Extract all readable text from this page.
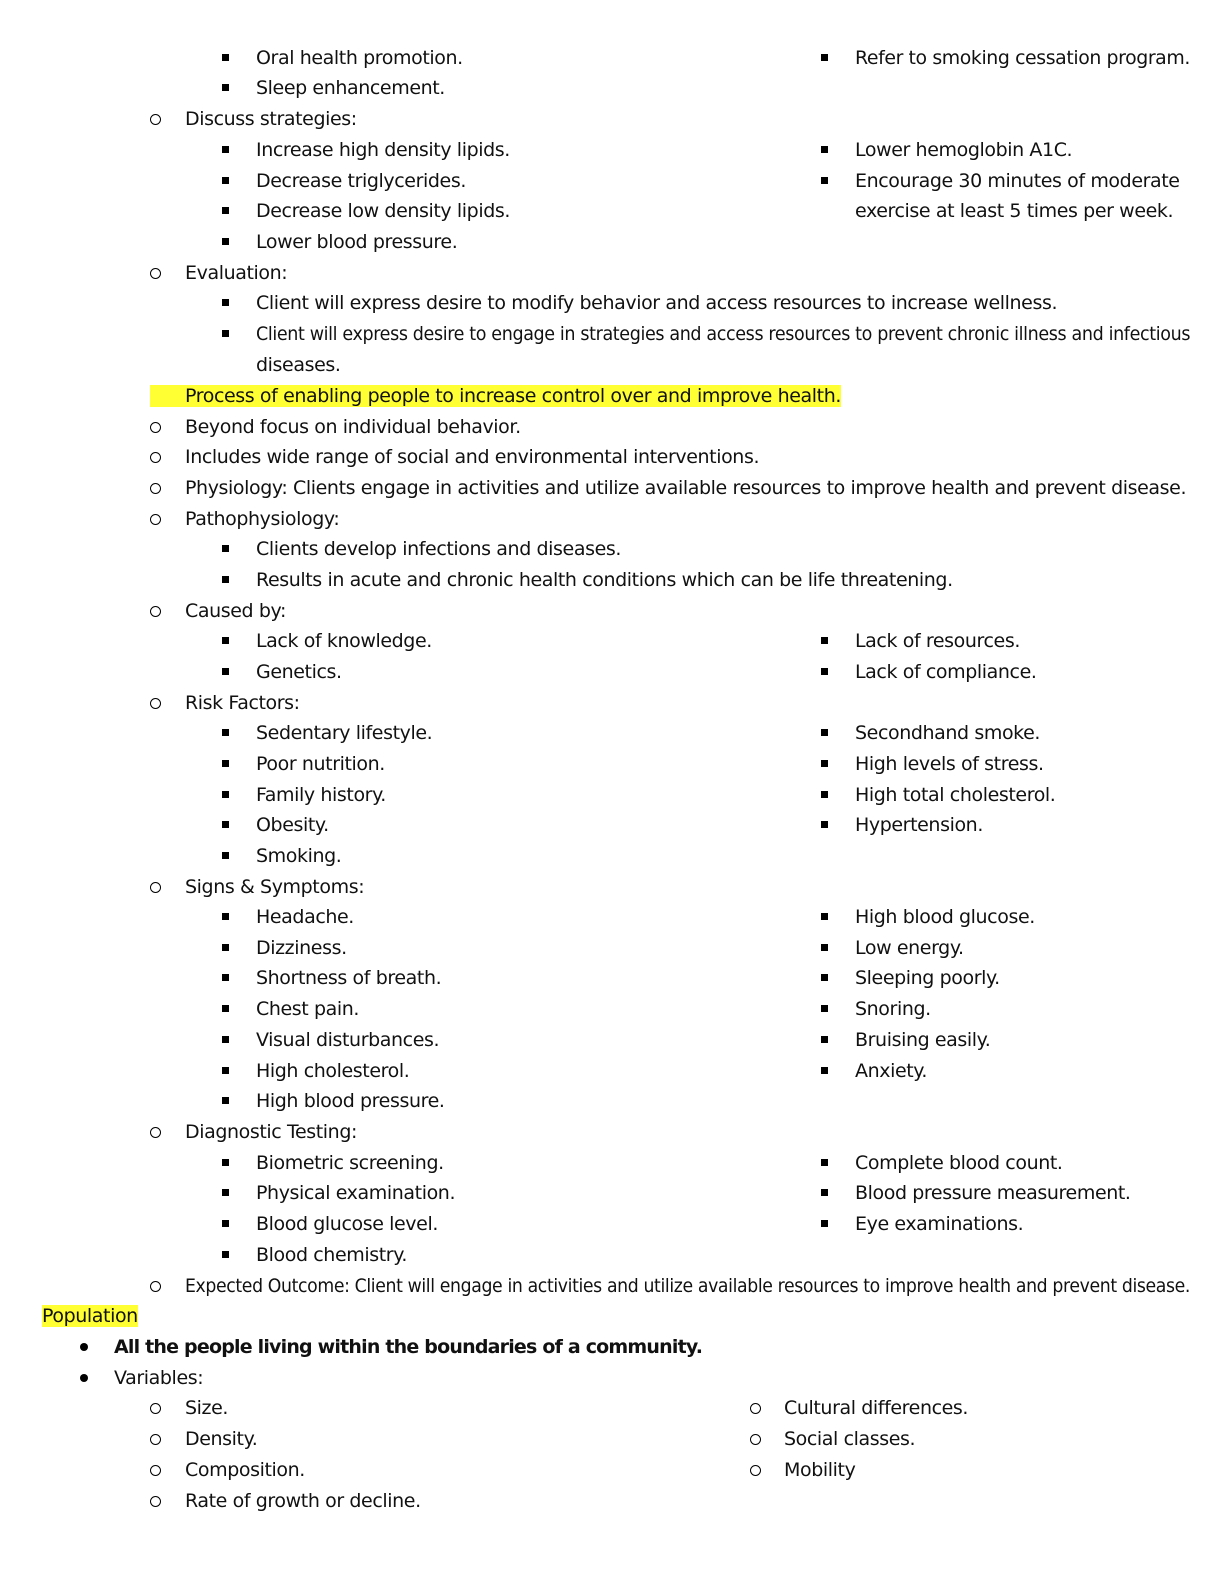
Oral health promotion.	Refer to smoking cessation program.
Sleep enhancement.
Discuss strategies:
Increase high density lipids.	Lower hemoglobin A1C.
Decrease triglycerides.	Encourage 30 minutes of moderate
Decrease low density lipids.	exercise at least 5 times per week.
Lower blood pressure.
Evaluation:
Client will express desire to modify behavior and access resources to increase wellness.
Client will express desire to engage in strategies and access resources to prevent chronic illness and infectious
diseases.
Process of enabling people to increase control over and improve health.
Beyond focus on individual behavior.
Includes wide range of social and environmental interventions.
Physiology: Clients engage in activities and utilize available resources to improve health and prevent disease.
Pathophysiology:
Clients develop infections and diseases.
Results in acute and chronic health conditions which can be life threatening.
Caused by:
Lack of knowledge.	Lack of resources.
Genetics.	Lack of compliance.
Risk Factors:
Sedentary lifestyle.	Secondhand smoke.
Poor nutrition.	High levels of stress.
Family history.	High total cholesterol.
Obesity.	Hypertension.
Smoking.
Signs & Symptoms:
Headache.	High blood glucose.
Dizziness.	Low energy.
Shortness of breath.	Sleeping poorly.
Chest pain.	Snoring.
Visual disturbances.	Bruising easily.
High cholesterol.	Anxiety.
High blood pressure.
Diagnostic Testing:
Biometric screening.	Complete blood count.
Physical examination.	Blood pressure measurement.
Blood glucose level.	Eye examinations.
Blood chemistry.
Expected Outcome: Client will engage in activities and utilize available resources to improve health and prevent disease.
Population
All the people living within the boundaries of a community.
Variables:
Size.	Cultural differences.
Density.	Social classes.
Composition.	Mobility
Rate of growth or decline.
